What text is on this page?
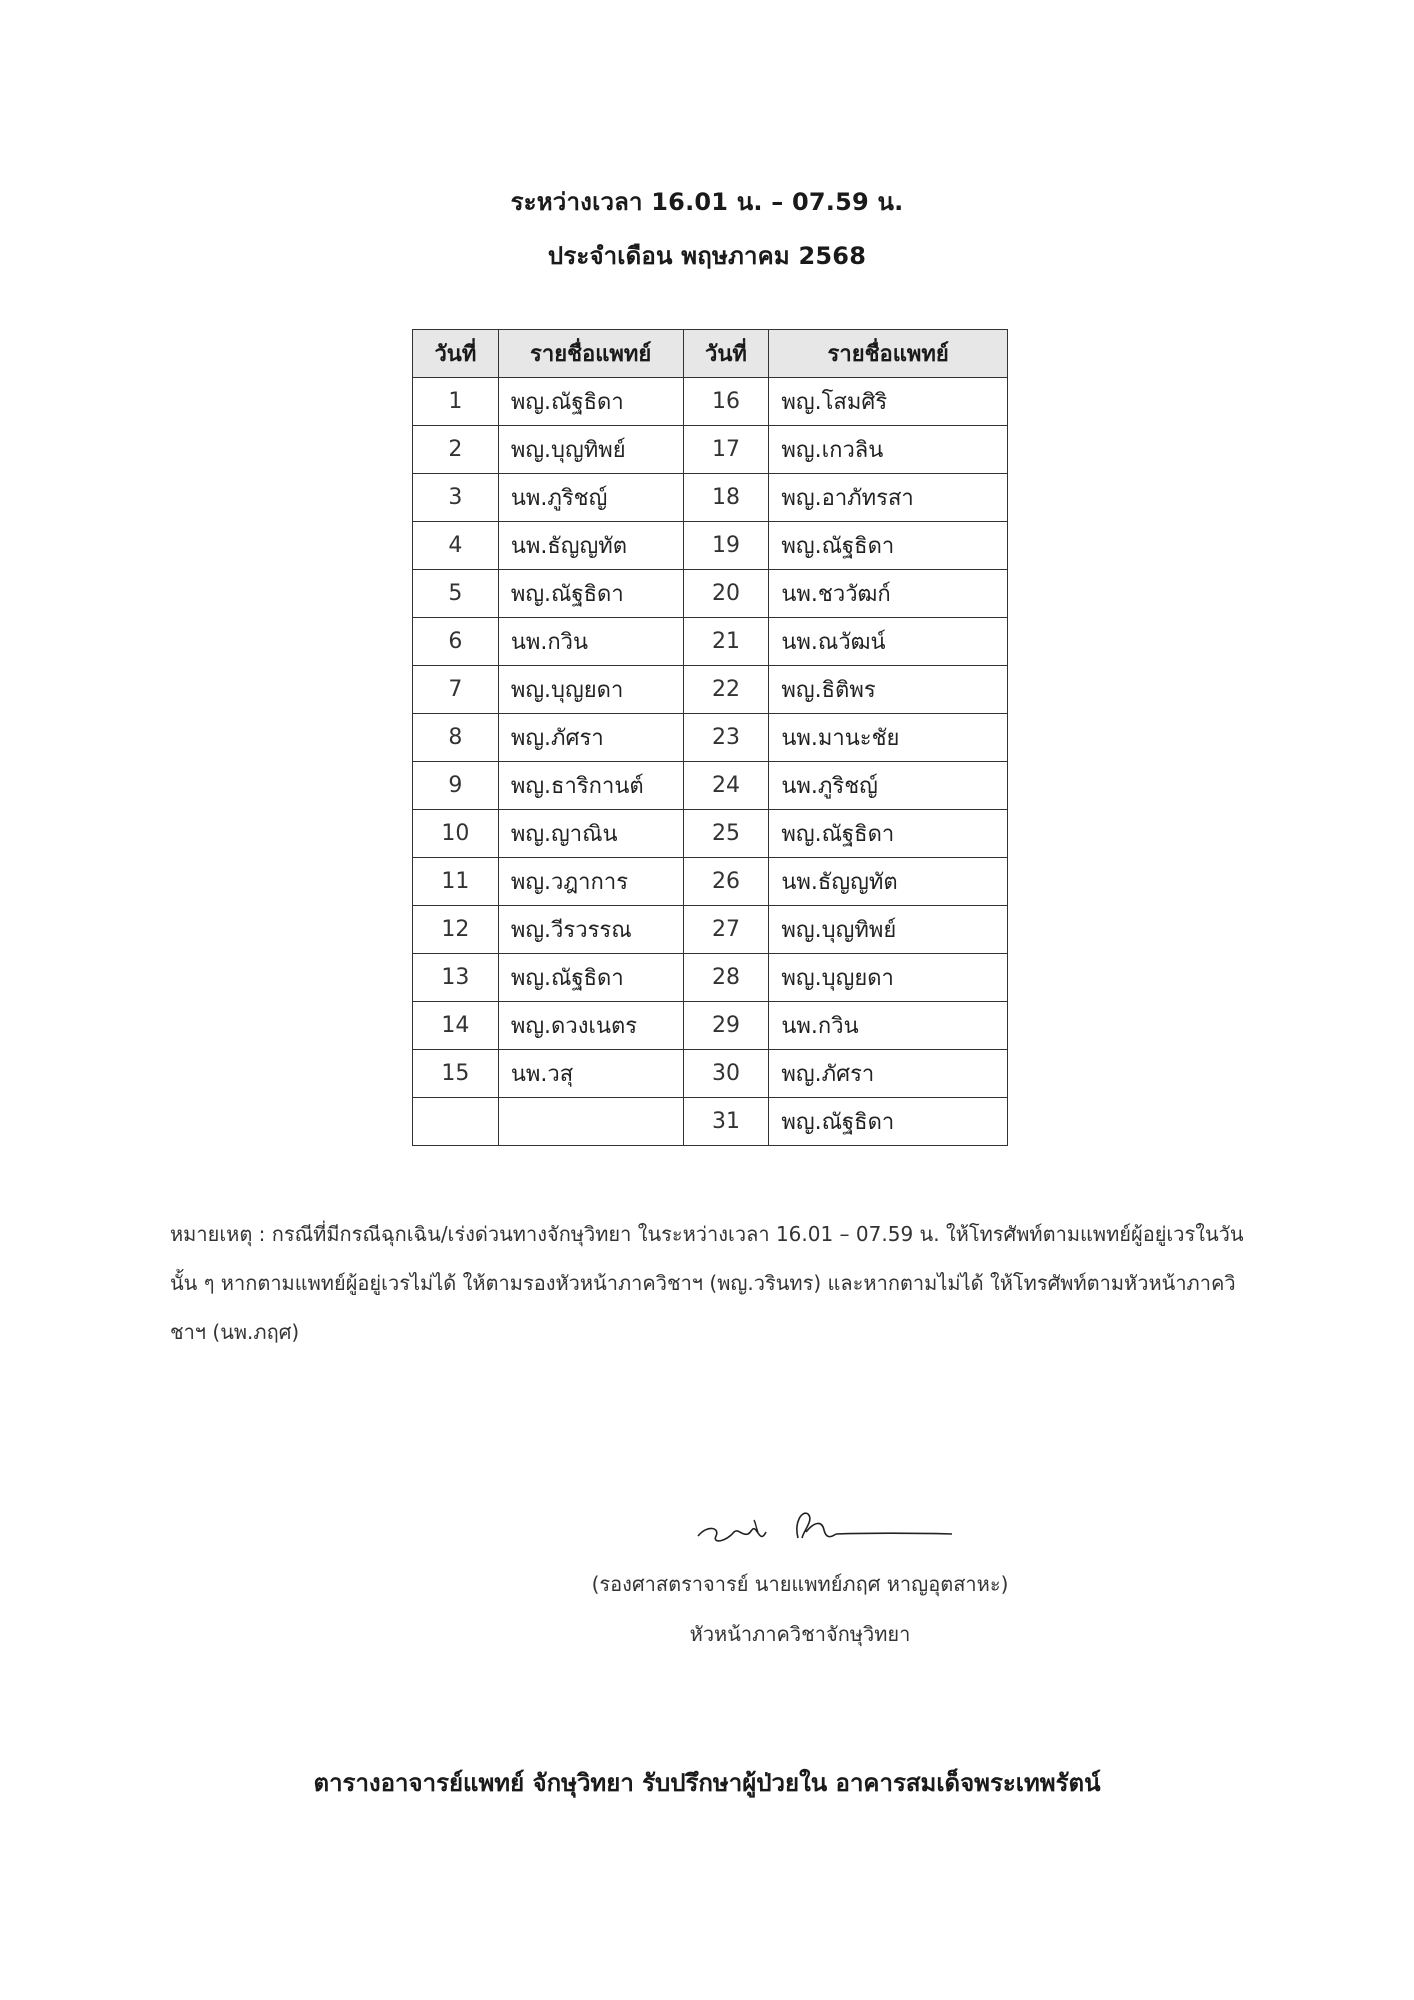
ระหว่างเวลา 16.01 น. – 07.59 น.
ประจำเดือน พฤษภาคม 2568
วันที่	รายชื่อแพทย์	วันที่	รายชื่อแพทย์
1	พญ.ณัฐธิดา	16	พญ.โสมศิริ
2	พญ.บุญทิพย์	17	พญ.เกวลิน
3	นพ.ภูริชญ์	18	พญ.อาภัทรสา
4	นพ.ธัญญทัต	19	พญ.ณัฐธิดา
5	พญ.ณัฐธิดา	20	นพ.ชววัฒก์
6	นพ.กวิน	21	นพ.ณวัฒน์
7	พญ.บุญยดา	22	พญ.ธิติพร
8	พญ.ภัศรา	23	นพ.มานะชัย
9	พญ.ธาริกานต์	24	นพ.ภูริชญ์
10	พญ.ญาณิน	25	พญ.ณัฐธิดา
11	พญ.วฎาการ	26	นพ.ธัญญทัต
12	พญ.วีรวรรณ	27	พญ.บุญทิพย์
13	พญ.ณัฐธิดา	28	พญ.บุญยดา
14	พญ.ดวงเนตร	29	นพ.กวิน
15	นพ.วสุ	30	พญ.ภัศรา
		31	พญ.ณัฐธิดา
หมายเหตุ : กรณีที่มีกรณีฉุกเฉิน/เร่งด่วนทางจักษุวิทยา ในระหว่างเวลา 16.01 – 07.59 น. ให้โทรศัพท์ตามแพทย์ผู้อยู่เวรในวันนั้น ๆ หากตามแพทย์ผู้อยู่เวรไม่ได้ ให้ตามรองหัวหน้าภาควิชาฯ (พญ.วรินทร) และหากตามไม่ได้ ให้โทรศัพท์ตามหัวหน้าภาควิชาฯ (นพ.ภฤศ)
(รองศาสตราจารย์ นายแพทย์ภฤศ หาญอุตสาหะ)
หัวหน้าภาควิชาจักษุวิทยา
ตารางอาจารย์แพทย์ จักษุวิทยา รับปรึกษาผู้ป่วยใน อาคารสมเด็จพระเทพรัตน์
